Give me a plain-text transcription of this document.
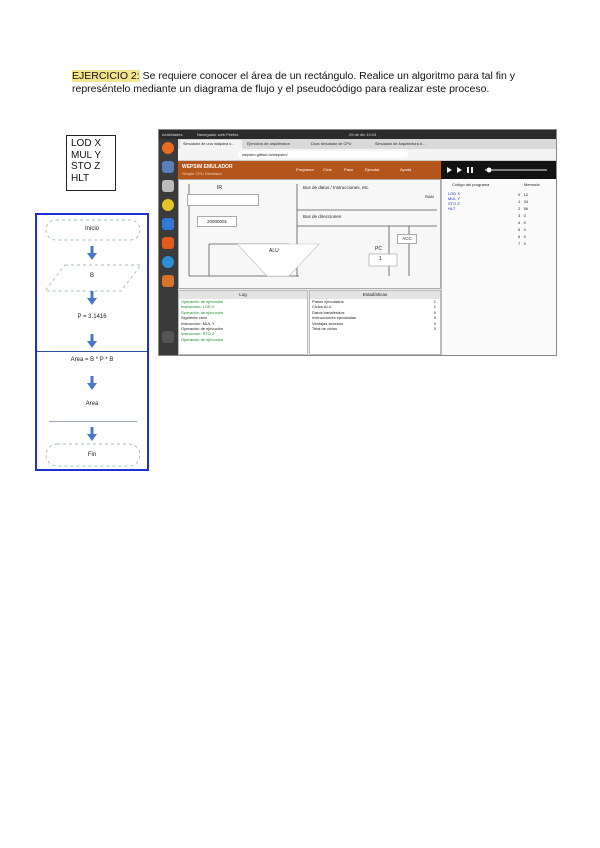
EJERCICIO 2: Se requiere conocer el área de un rectángulo. Realice un algoritmo para tal fin y represéntelo mediante un diagrama de flujo y el pseudocódigo para realizar este proceso.
LOD X
MUL Y
STO Z
HLT
Inicio
B
P = 3.1416
Area = B * P * B
Area
Fin
Actividades	Navegador web Firefox	29 de dic 10:04
Simulador de una máquina s...	Ejercicios de arquitectura	Docs simulador de CPU	Simulador de Arquitectura d...
wepsim.github.io/wepsim/
WEPSIM EMULADOR
Simple CPU Simulator
Programa Ciclo	Paso	Ejecutar	Ayuda
IR
20000001
Bus de datos / Instrucciones, etc.
Bus de direcciones
RAM
ACC
ALU	PC
1
Código del programa	Memoria
LOD X
MUL Y
STO Z
HLT
0 12
1 34
2 56
3 0
4 0
5 0
6 0
7 0
Log
Operación de ejecución
Instrucción: LOD X
Operación de ejecución
Siguiente ciclo
Instrucción: MUL Y
Operación de ejecución
Instrucción: STO Z
Operación de ejecución
Estadísticas
Pasos ejecutados	1
Ciclos ALU	1
Datos transferidos	0
Instrucciones ejecutadas	0
Ventajas accesos	0
Total de ciclos	0
